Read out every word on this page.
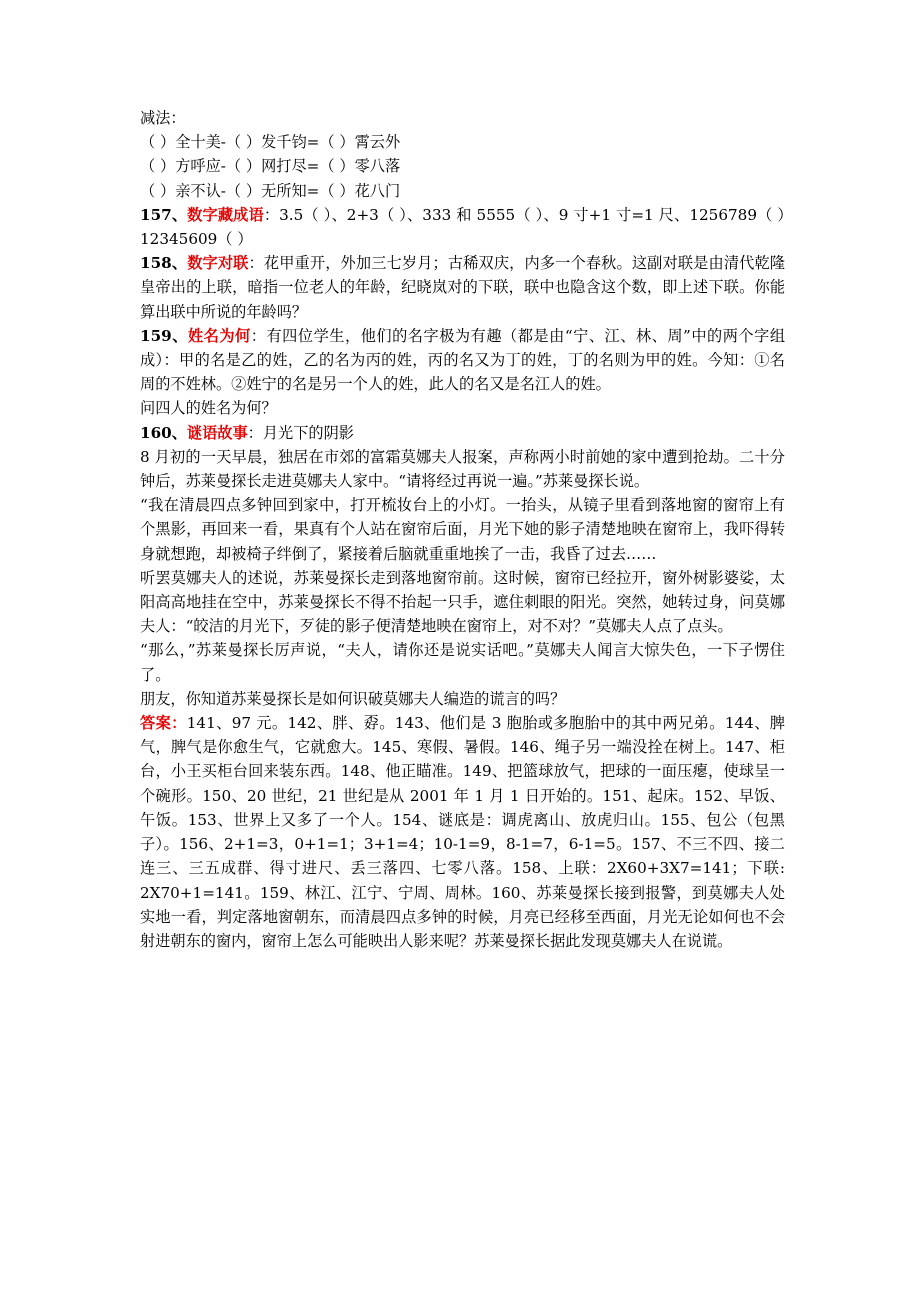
减法：

（ ）全十美-（ ）发千钧=（ ）霄云外

（ ）方呼应-（ ）网打尽=（ ）零八落

（ ）亲不认-（ ）无所知=（ ）花八门

157、数字藏成语：3.5（ ）、2+3（ ）、333 和 5555（ ）、9 寸+1 寸=1 尺、1256789（ ）12345609（ ）

158、数字对联：花甲重开，外加三七岁月；古稀双庆，内多一个春秋。这副对联是由清代乾隆皇帝出的上联，暗指一位老人的年龄，纪晓岚对的下联，联中也隐含这个数，即上述下联。你能算出联中所说的年龄吗？

159、姓名为何：有四位学生，他们的名字极为有趣（都是由“宁、江、林、周”中的两个字组成）：甲的名是乙的姓，乙的名为丙的姓，丙的名又为丁的姓，丁的名则为甲的姓。今知：①名周的不姓林。②姓宁的名是另一个人的姓，此人的名又是名江人的姓。

问四人的姓名为何？

160、谜语故事：月光下的阴影

8 月初的一天早晨，独居在市郊的富霜莫娜夫人报案，声称两小时前她的家中遭到抢劫。二十分钟后，苏莱曼探长走进莫娜夫人家中。“请将经过再说一遍。”苏莱曼探长说。

“我在清晨四点多钟回到家中，打开梳妆台上的小灯。一抬头，从镜子里看到落地窗的窗帘上有个黑影，再回来一看，果真有个人站在窗帘后面，月光下她的影子清楚地映在窗帘上，我吓得转身就想跑，却被椅子绊倒了，紧接着后脑就重重地挨了一击，我昏了过去……

听罢莫娜夫人的述说，苏莱曼探长走到落地窗帘前。这时候，窗帘已经拉开，窗外树影婆娑，太阳高高地挂在空中，苏莱曼探长不得不抬起一只手，遮住刺眼的阳光。突然，她转过身，问莫娜夫人：“皎洁的月光下，歹徒的影子便清楚地映在窗帘上，对不对？”莫娜夫人点了点头。

“那么，”苏莱曼探长厉声说，“夫人，请你还是说实话吧。”莫娜夫人闻言大惊失色，一下子愣住了。

朋友，你知道苏莱曼探长是如何识破莫娜夫人编造的谎言的吗？

答案：141、97 元。142、胖、孬。143、他们是 3 胞胎或多胞胎中的其中两兄弟。144、脾气，脾气是你愈生气，它就愈大。145、寒假、暑假。146、绳子另一端没拴在树上。147、柜台，小王买柜台回来装东西。148、他正瞄准。149、把篮球放气，把球的一面压瘪，使球呈一个碗形。150、20 世纪，21 世纪是从 2001 年 1 月 1 日开始的。151、起床。152、早饭、午饭。153、世界上又多了一个人。154、谜底是：调虎离山、放虎归山。155、包公（包黑子）。156、2+1=3，0+1=1；3+1=4；10-1=9，8-1=7，6-1=5。157、不三不四、接二连三、三五成群、得寸进尺、丢三落四、七零八落。158、上联：2X60+3X7=141；下联: 2X70+1=141。159、林江、江宁、宁周、周林。160、苏莱曼探长接到报警，到莫娜夫人处实地一看，判定落地窗朝东，而清晨四点多钟的时候，月亮已经移至西面，月光无论如何也不会射进朝东的窗内，窗帘上怎么可能映出人影来呢？苏莱曼探长据此发现莫娜夫人在说谎。
